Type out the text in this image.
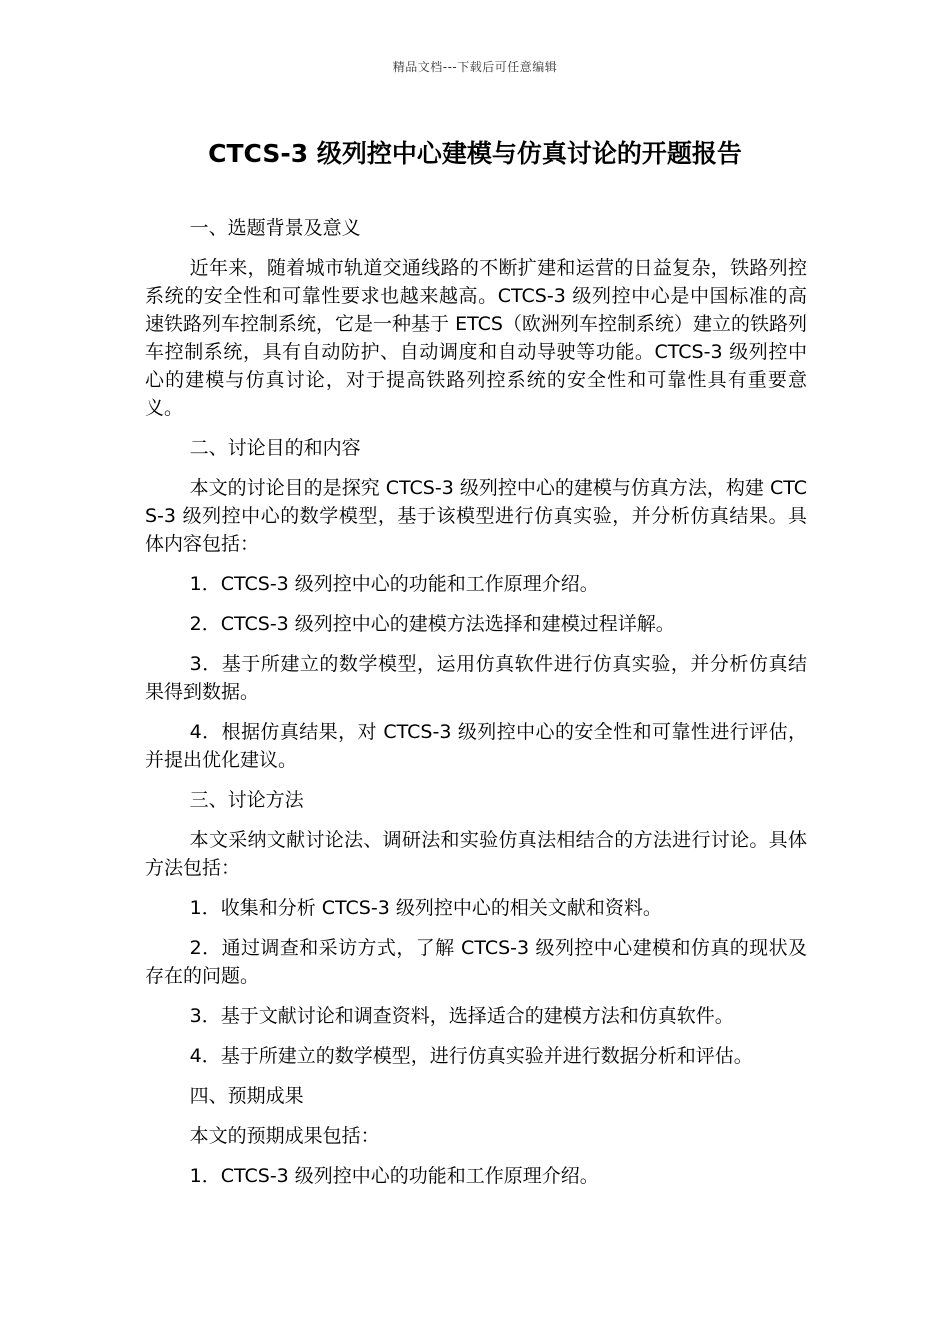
精品文档---下载后可任意编辑
CTCS-3 级列控中心建模与仿真讨论的开题报告

一、选题背景及意义

近年来，随着城市轨道交通线路的不断扩建和运营的日益复杂，铁路列控系统的安全性和可靠性要求也越来越高。CTCS-3 级列控中心是中国标准的高速铁路列车控制系统，它是一种基于 ETCS（欧洲列车控制系统）建立的铁路列车控制系统，具有自动防护、自动调度和自动导驶等功能。CTCS-3 级列控中心的建模与仿真讨论，对于提高铁路列控系统的安全性和可靠性具有重要意义。

二、讨论目的和内容

本文的讨论目的是探究 CTCS-3 级列控中心的建模与仿真方法，构建 CTCS-3 级列控中心的数学模型，基于该模型进行仿真实验，并分析仿真结果。具体内容包括：

1．CTCS-3 级列控中心的功能和工作原理介绍。

2．CTCS-3 级列控中心的建模方法选择和建模过程详解。

3．基于所建立的数学模型，运用仿真软件进行仿真实验，并分析仿真结果得到数据。

4．根据仿真结果，对 CTCS-3 级列控中心的安全性和可靠性进行评估，并提出优化建议。

三、讨论方法

本文采纳文献讨论法、调研法和实验仿真法相结合的方法进行讨论。具体方法包括：

1．收集和分析 CTCS-3 级列控中心的相关文献和资料。

2．通过调查和采访方式，了解 CTCS-3 级列控中心建模和仿真的现状及存在的问题。

3．基于文献讨论和调查资料，选择适合的建模方法和仿真软件。

4．基于所建立的数学模型，进行仿真实验并进行数据分析和评估。

四、预期成果

本文的预期成果包括：

1．CTCS-3 级列控中心的功能和工作原理介绍。
